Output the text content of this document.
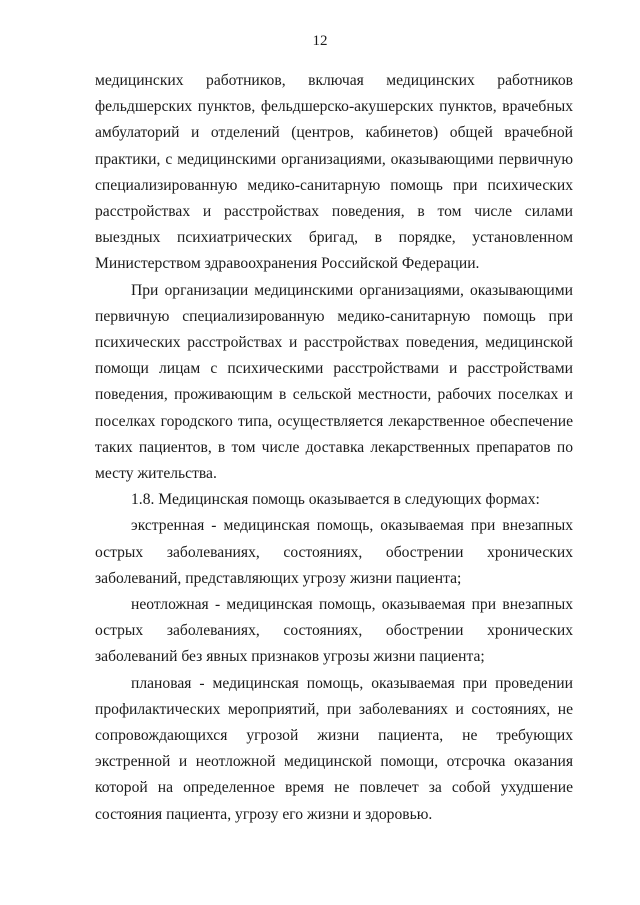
12

медицинских работников, включая медицинских работников фельдшерских пунктов, фельдшерско-акушерских пунктов, врачебных амбулаторий и отделений (центров, кабинетов) общей врачебной практики, с медицинскими организациями, оказывающими первичную специализированную медико-санитарную помощь при психических расстройствах и расстройствах поведения, в том числе силами выездных психиатрических бригад, в порядке, установленном Министерством здравоохранения Российской Федерации.

При организации медицинскими организациями, оказывающими первичную специализированную медико-санитарную помощь при психических расстройствах и расстройствах поведения, медицинской помощи лицам с психическими расстройствами и расстройствами поведения, проживающим в сельской местности, рабочих поселках и поселках городского типа, осуществляется лекарственное обеспечение таких пациентов, в том числе доставка лекарственных препаратов по месту жительства.

1.8. Медицинская помощь оказывается в следующих формах:

экстренная - медицинская помощь, оказываемая при внезапных острых заболеваниях, состояниях, обострении хронических заболеваний, представляющих угрозу жизни пациента;

неотложная - медицинская помощь, оказываемая при внезапных острых заболеваниях, состояниях, обострении хронических заболеваний без явных признаков угрозы жизни пациента;

плановая - медицинская помощь, оказываемая при проведении профилактических мероприятий, при заболеваниях и состояниях, не сопровождающихся угрозой жизни пациента, не требующих экстренной и неотложной медицинской помощи, отсрочка оказания которой на определенное время не повлечет за собой ухудшение состояния пациента, угрозу его жизни и здоровью.
